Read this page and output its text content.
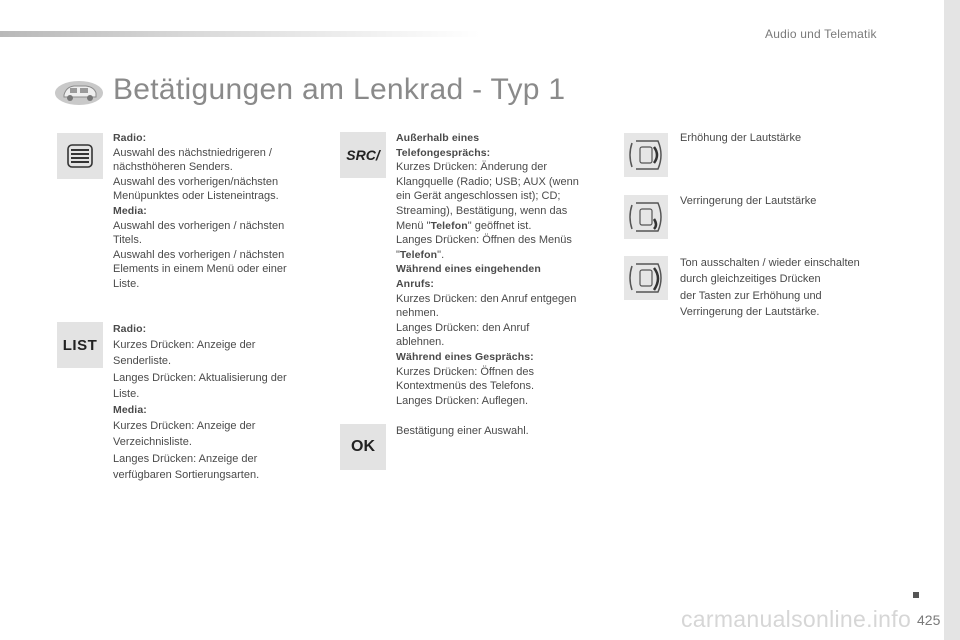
Audio und Telematik
Betätigungen am Lenkrad - Typ 1

Radio:

Auswahl des nächstniedrigeren /

nächsthöheren Senders.

Auswahl des vorherigen/nächsten

Menüpunktes oder Listeneintrags.

Media:

Auswahl des vorherigen / nächsten

Titels.

Auswahl des vorherigen / nächsten

Elements in einem Menü oder einer

Liste.

LIST

Radio:

Kurzes Drücken: Anzeige der

Senderliste.

Langes Drücken: Aktualisierung der

Liste.

Media:

Kurzes Drücken: Anzeige der

Verzeichnisliste.

Langes Drücken: Anzeige der

verfügbaren Sortierungsarten.

SRC/

Außerhalb eines

Telefongesprächs:

Kurzes Drücken: Änderung der

Klangquelle (Radio; USB; AUX (wenn

ein Gerät angeschlossen ist); CD;

Streaming), Bestätigung, wenn das

Menü "Telefon" geöffnet ist.

Langes Drücken: Öffnen des Menüs

"Telefon".

Während eines eingehenden

Anrufs:

Kurzes Drücken: den Anruf entgegen

nehmen.

Langes Drücken: den Anruf

ablehnen.

Während eines Gesprächs:

Kurzes Drücken: Öffnen des

Kontextmenüs des Telefons.

Langes Drücken: Auflegen.

OK
Bestätigung einer Auswahl.
Erhöhung der Lautstärke
Verringerung der Lautstärke

Ton ausschalten / wieder einschalten

durch gleichzeitiges Drücken

der Tasten zur Erhöhung und

Verringerung der Lautstärke.

425
carmanualsonline.info
